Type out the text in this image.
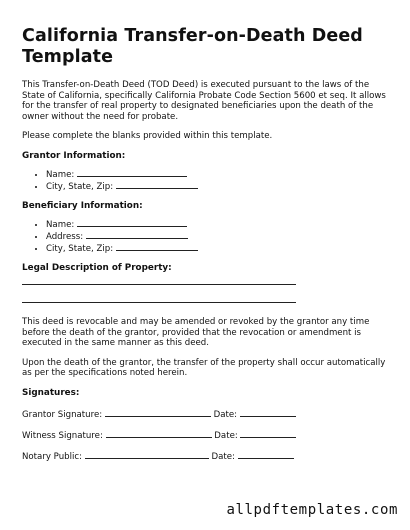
California Transfer-on-Death Deed Template

This Transfer-on-Death Deed (TOD Deed) is executed pursuant to the laws of the State of California, specifically California Probate Code Section 5600 et seq. It allows for the transfer of real property to designated beneficiaries upon the death of the owner without the need for probate.

Please complete the blanks provided within this template.

Grantor Information:
• Name:
• City, State, Zip:
Beneficiary Information:
• Name:
• Address:
• City, State, Zip:
Legal Description of Property:

This deed is revocable and may be amended or revoked by the grantor any time before the death of the grantor, provided that the revocation or amendment is executed in the same manner as this deed.

Upon the death of the grantor, the transfer of the property shall occur automatically as per the specifications noted herein.

Signatures:
Grantor Signature:	Date:
Witness Signature:	Date:
Notary Public:	Date:
allpdftemplates.com
